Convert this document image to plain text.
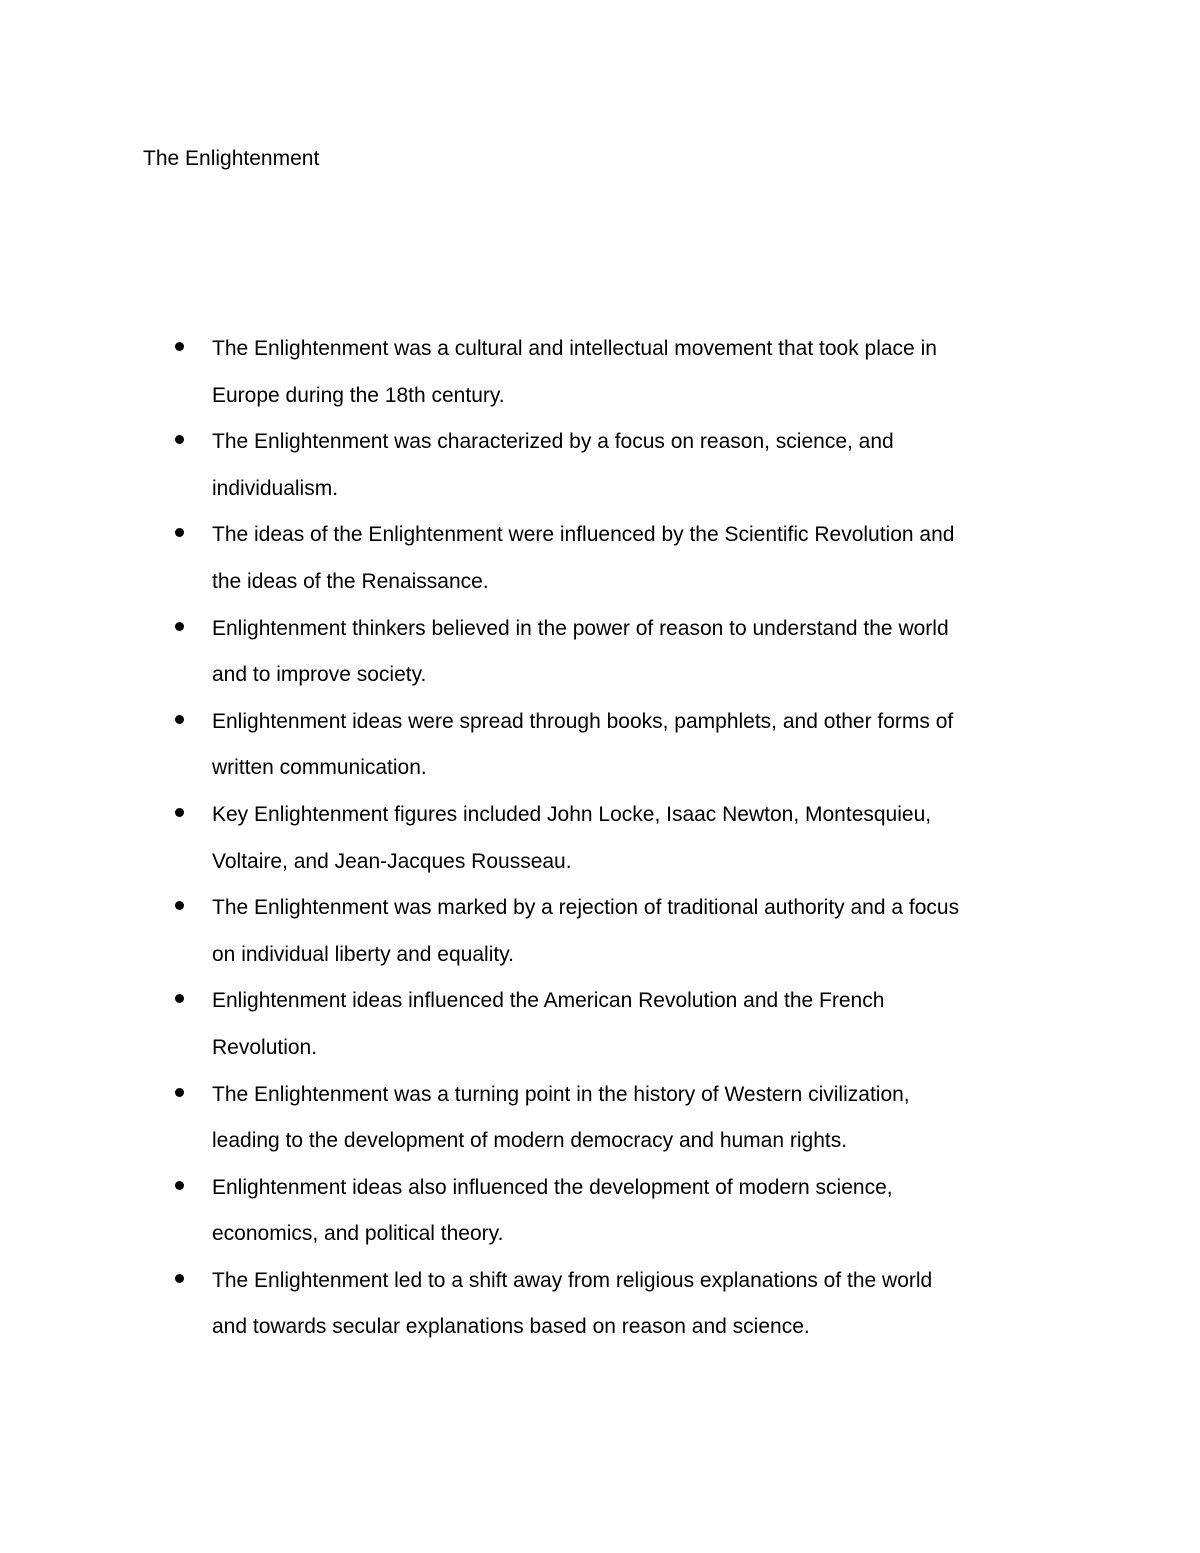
The Enlightenment
The Enlightenment was a cultural and intellectual movement that took place in
Europe during the 18th century.
The Enlightenment was characterized by a focus on reason, science, and
individualism.
The ideas of the Enlightenment were influenced by the Scientific Revolution and
the ideas of the Renaissance.
Enlightenment thinkers believed in the power of reason to understand the world
and to improve society.
Enlightenment ideas were spread through books, pamphlets, and other forms of
written communication.
Key Enlightenment figures included John Locke, Isaac Newton, Montesquieu,
Voltaire, and Jean-Jacques Rousseau.
The Enlightenment was marked by a rejection of traditional authority and a focus
on individual liberty and equality.
Enlightenment ideas influenced the American Revolution and the French
Revolution.
The Enlightenment was a turning point in the history of Western civilization,
leading to the development of modern democracy and human rights.
Enlightenment ideas also influenced the development of modern science,
economics, and political theory.
The Enlightenment led to a shift away from religious explanations of the world
and towards secular explanations based on reason and science.
